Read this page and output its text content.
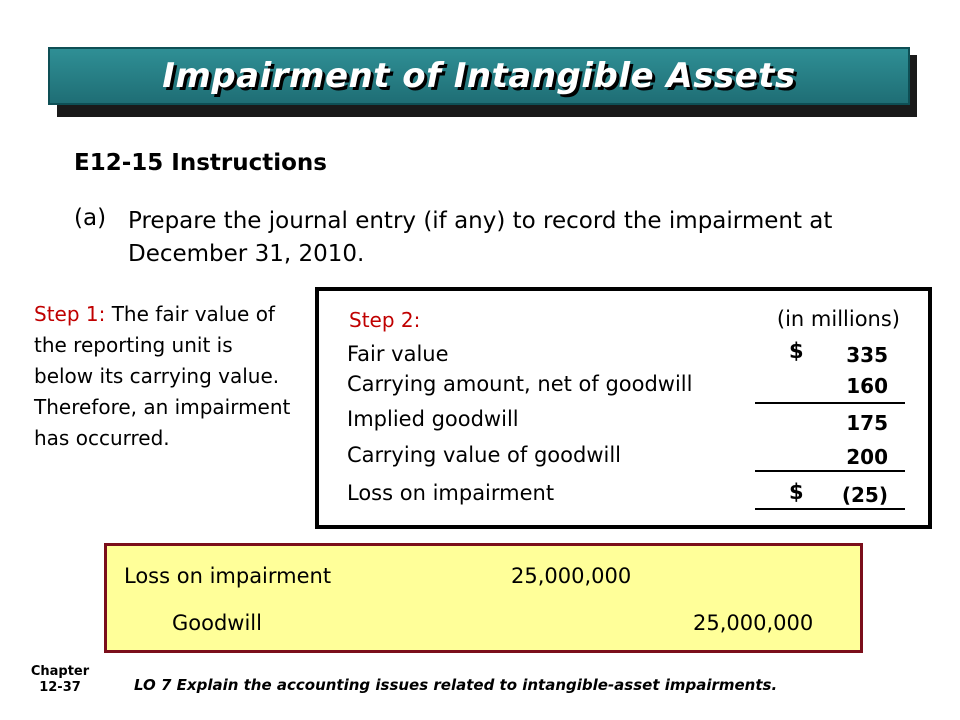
Impairment of Intangible Assets
E12-15 Instructions
(a) Prepare the journal entry (if any) to record the impairment at December 31, 2010.
Step 1: The fair value of the reporting unit is below its carrying value. Therefore, an impairment has occurred.
Step 2:	(in millions)
Fair value	$	335
Carrying amount, net of goodwill	160
Implied goodwill	175
Carrying value of goodwill	200
Loss on impairment	$	(25)
Loss on impairment	25,000,000
Goodwill	25,000,000
Chapter
12-37	LO 7 Explain the accounting issues related to intangible-asset impairments.
